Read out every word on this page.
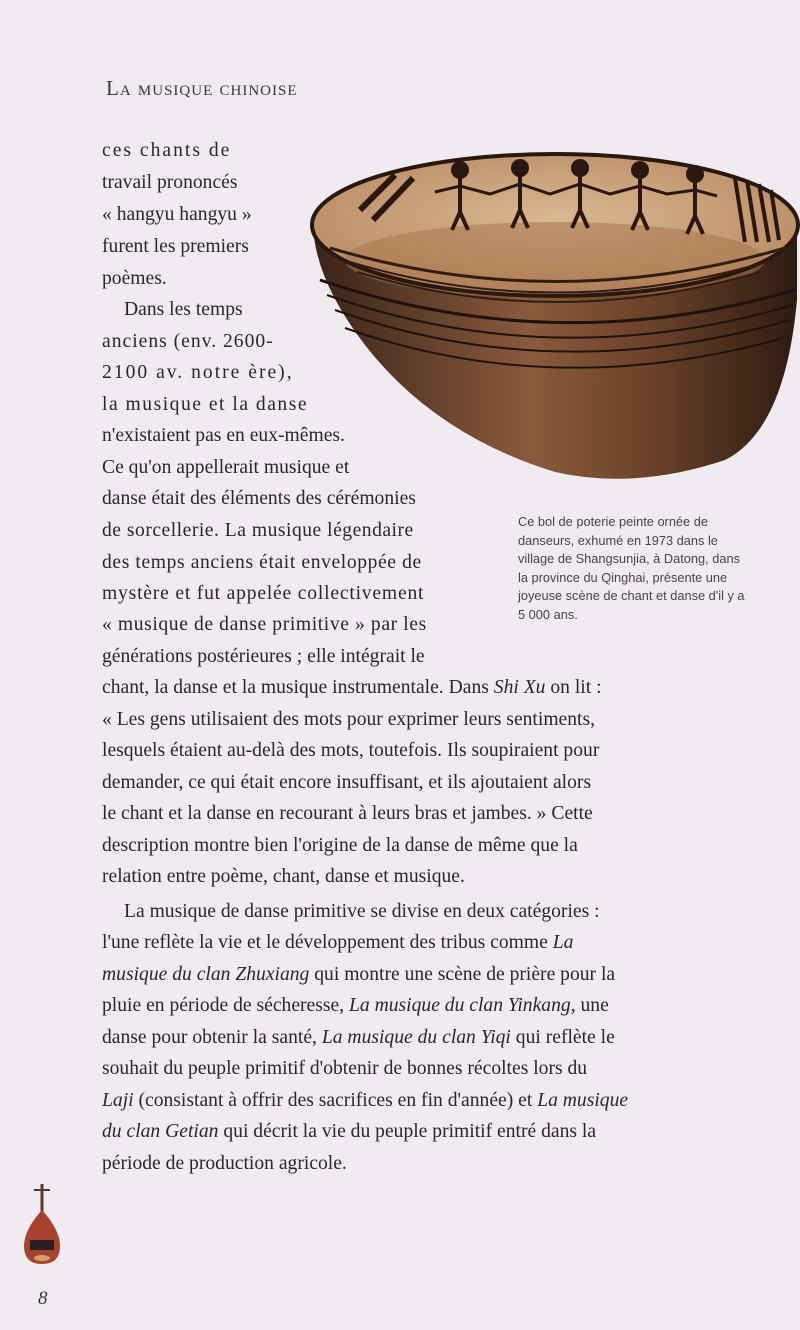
La musique chinoise
ces chants de
travail prononcés
« hangyu hangyu »
furent les premiers
poèmes.
Dans les temps
anciens (env. 2600-
2100 av. notre ère),
la musique et la danse
n'existaient pas en eux-mêmes.
Ce qu'on appellerait musique et
danse était des éléments des cérémonies
de sorcellerie. La musique légendaire
des temps anciens était enveloppée de
mystère et fut appelée collectivement
« musique de danse primitive » par les
générations postérieures ; elle intégrait le
chant, la danse et la musique instrumentale. Dans Shi Xu on lit :
« Les gens utilisaient des mots pour exprimer leurs sentiments,
lesquels étaient au-delà des mots, toutefois. Ils soupiraient pour
demander, ce qui était encore insuffisant, et ils ajoutaient alors
le chant et la danse en recourant à leurs bras et jambes. » Cette
description montre bien l'origine de la danse de même que la
relation entre poème, chant, danse et musique.
La musique de danse primitive se divise en deux catégories :
l'une reflète la vie et le développement des tribus comme La
musique du clan Zhuxiang qui montre une scène de prière pour la
pluie en période de sécheresse, La musique du clan Yinkang, une
danse pour obtenir la santé, La musique du clan Yiqi qui reflète le
souhait du peuple primitif d'obtenir de bonnes récoltes lors du
Laji (consistant à offrir des sacrifices en fin d'année) et La musique
du clan Getian qui décrit la vie du peuple primitif entré dans la
période de production agricole.
Ce bol de poterie peinte ornée de
danseurs, exhumé en 1973 dans le
village de Shangsunjia, à Datong, dans
la province du Qinghai, présente une
joyeuse scène de chant et danse d'il y a
5 000 ans.
8
